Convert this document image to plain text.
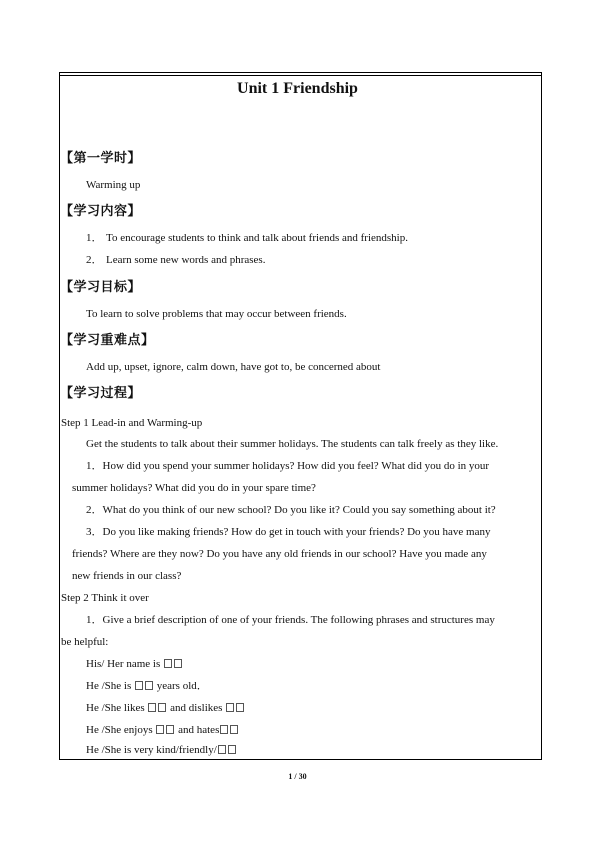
Unit 1 Friendship
【第一学时】
Warming up
【学习内容】
1． To encourage students to think and talk about friends and friendship.
2． Learn some new words and phrases.
【学习目标】
To learn to solve problems that may occur between friends.
【学习重难点】
Add up, upset, ignore, calm down, have got to, be concerned about
【学习过程】
Step 1 Lead-in and Warming-up
Get the students to talk about their summer holidays. The students can talk freely as they like.
1．How did you spend your summer holidays? How did you feel? What did you do in your
summer holidays? What did you do in your spare time?
2．What do you think of our new school? Do you like it? Could you say something about it?
3．Do you like making friends? How do get in touch with your friends? Do you have many
friends? Where are they now? Do you have any old friends in our school? Have you made any
new friends in our class?
Step 2 Think it over
1．Give a brief description of one of your friends. The following phrases and structures may
be helpful:
His/ Her name is
He /She is years old．
He /She likes and dislikes
He /She enjoys and hates
He /She is very kind/friendly/
1 / 30
